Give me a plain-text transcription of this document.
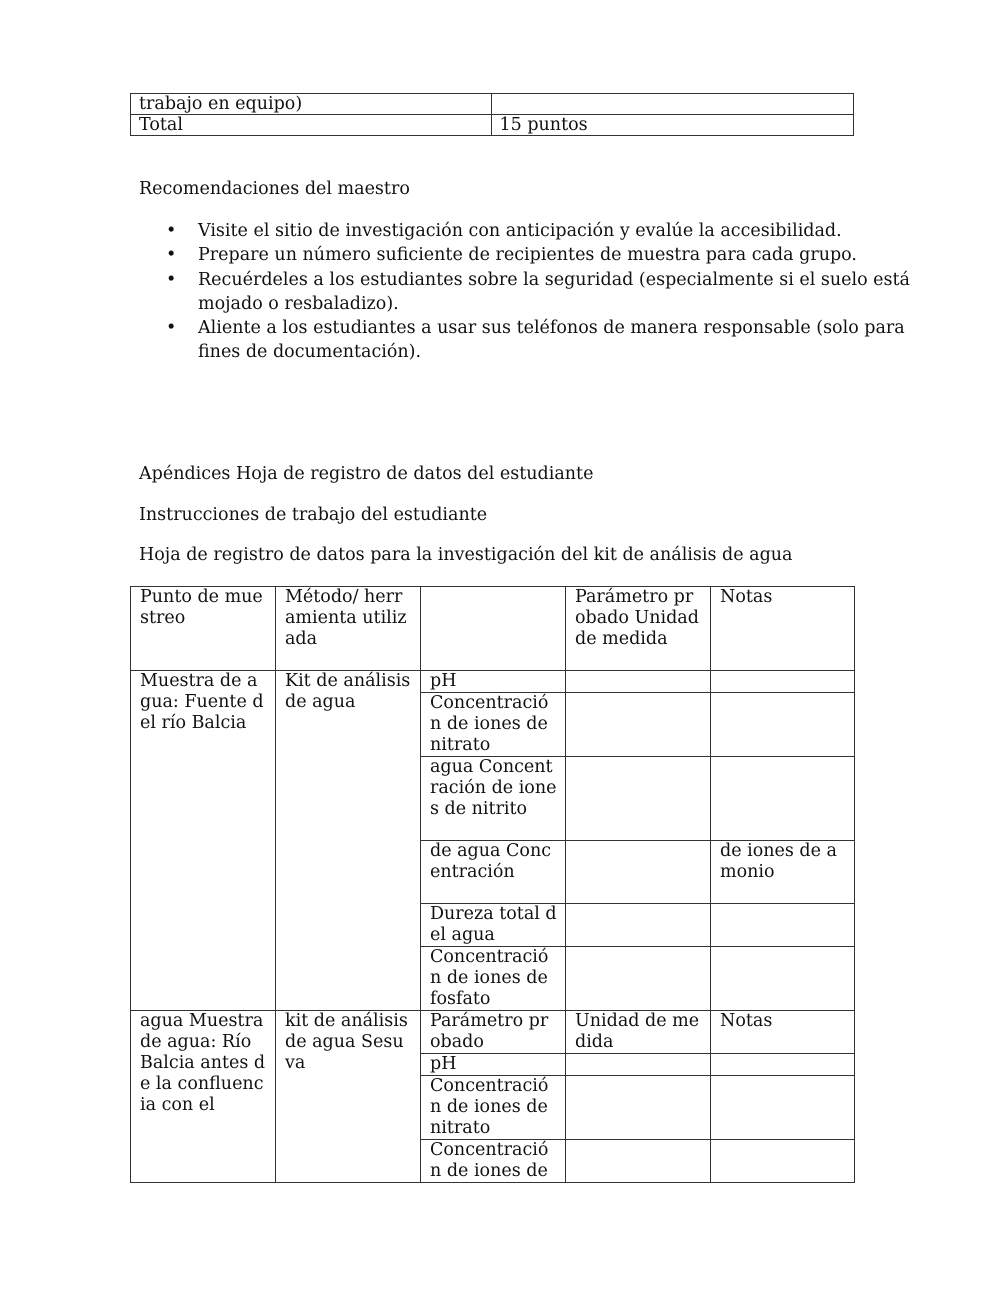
trabajo en equipo)	
Total	15 puntos
Recomendaciones del maestro
• Visite el sitio de investigación con anticipación y evalúe la accesibilidad.
• Prepare un número suficiente de recipientes de muestra para cada grupo.
• Recuérdeles a los estudiantes sobre la seguridad (especialmente si el suelo está mojado o resbaladizo).
• Aliente a los estudiantes a usar sus teléfonos de manera responsable (solo para fines de documentación).
Apéndices Hoja de registro de datos del estudiante

Instrucciones de trabajo del estudiante

Hoja de registro de datos para la investigación del kit de análisis de agua

Punto de muestreo	Método/ herramienta utilizada		Parámetro probado Unidad de medida	Notas
Muestra de agua: Fuente del río Balcia	Kit de análisis de agua	pH		
		Concentración de iones de nitrato		
		agua Concentración de iones de nitrito		
		de agua Concentración		de iones de amonio
		Dureza total del agua		
		Concentración de iones de fosfato		
agua Muestra de agua: Río Balcia antes de la confluencia con el	kit de análisis de agua Sesuva	Parámetro probado	Unidad de medida	Notas
		pH		
		Concentración de iones de nitrato		
		Concentración de iones de		
